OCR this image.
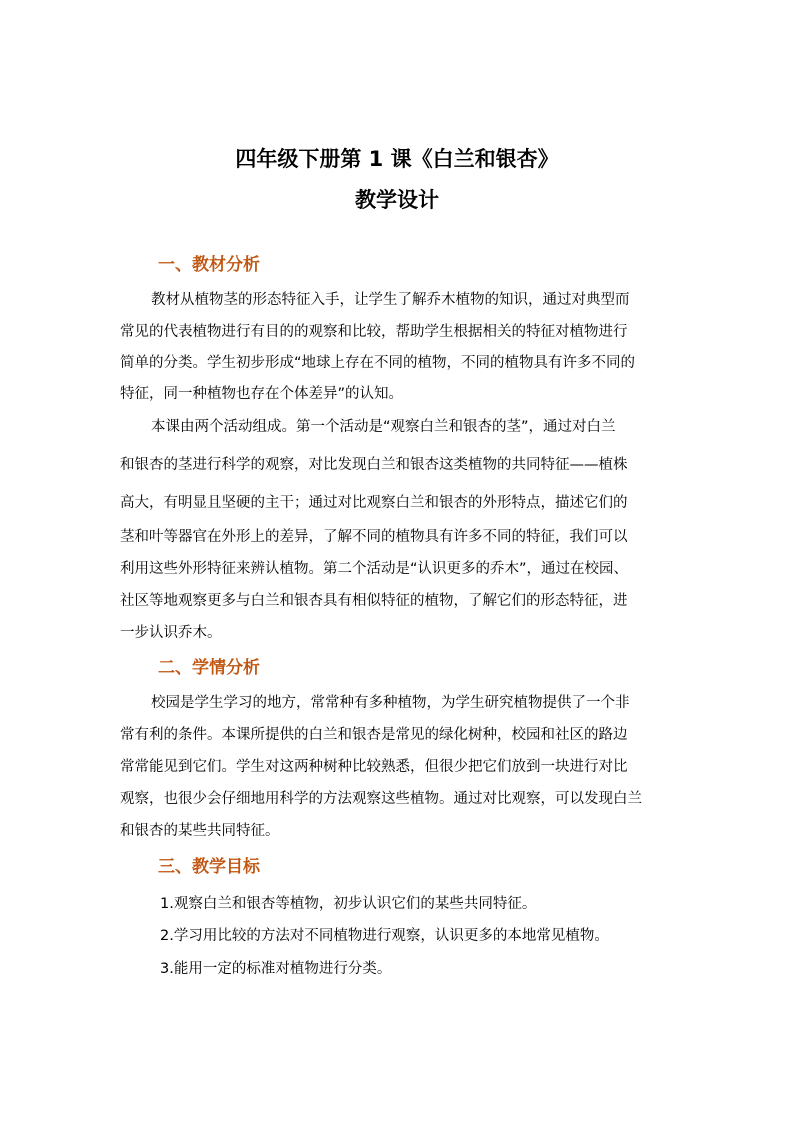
四年级下册第 1 课《白兰和银杏》
教学设计
一、教材分析

教材从植物茎的形态特征入手，让学生了解乔木植物的知识，通过对典型而

常见的代表植物进行有目的的观察和比较，帮助学生根据相关的特征对植物进行

简单的分类。学生初步形成“地球上存在不同的植物，不同的植物具有许多不同的

特征，同一种植物也存在个体差异”的认知。

本课由两个活动组成。第一个活动是“观察白兰和银杏的茎”，通过对白兰

和银杏的茎进行科学的观察，对比发现白兰和银杏这类植物的共同特征——植株

高大，有明显且坚硬的主干；通过对比观察白兰和银杏的外形特点，描述它们的

茎和叶等器官在外形上的差异，了解不同的植物具有许多不同的特征，我们可以

利用这些外形特征来辨认植物。第二个活动是“认识更多的乔木”，通过在校园、

社区等地观察更多与白兰和银杏具有相似特征的植物，了解它们的形态特征，进

一步认识乔木。

二、学情分析

校园是学生学习的地方，常常种有多种植物，为学生研究植物提供了一个非

常有利的条件。本课所提供的白兰和银杏是常见的绿化树种，校园和社区的路边

常常能见到它们。学生对这两种树种比较熟悉，但很少把它们放到一块进行对比

观察，也很少会仔细地用科学的方法观察这些植物。通过对比观察，可以发现白兰

和银杏的某些共同特征。

三、教学目标

1.观察白兰和银杏等植物，初步认识它们的某些共同特征。

2.学习用比较的方法对不同植物进行观察，认识更多的本地常见植物。

3.能用一定的标准对植物进行分类。
